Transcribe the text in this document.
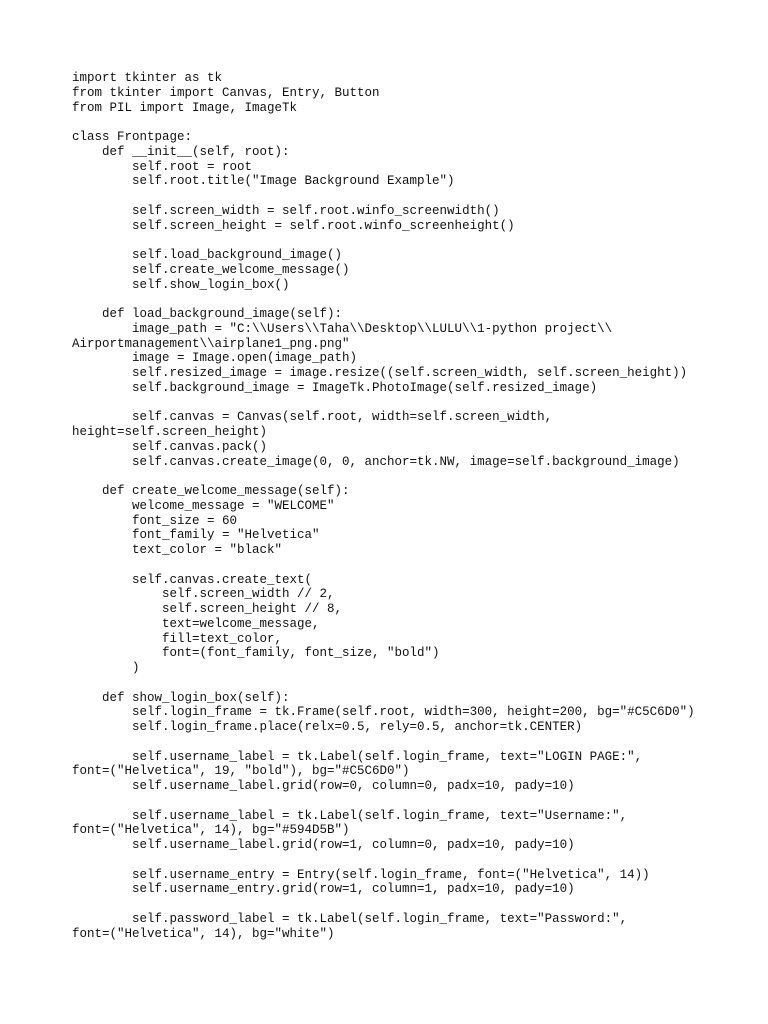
import tkinter as tk
from tkinter import Canvas, Entry, Button
from PIL import Image, ImageTk
class Frontpage:
def __init__(self, root):
self.root = root
self.root.title("Image Background Example")
self.screen_width = self.root.winfo_screenwidth()
self.screen_height = self.root.winfo_screenheight()
self.load_background_image()
self.create_welcome_message()
self.show_login_box()
def load_background_image(self):
image_path = "C:\\Users\\Taha\\Desktop\\LULU\\1-python project\\
Airportmanagement\\airplane1_png.png"
image = Image.open(image_path)
self.resized_image = image.resize((self.screen_width, self.screen_height))
self.background_image = ImageTk.PhotoImage(self.resized_image)
self.canvas = Canvas(self.root, width=self.screen_width,
height=self.screen_height)
self.canvas.pack()
self.canvas.create_image(0, 0, anchor=tk.NW, image=self.background_image)
def create_welcome_message(self):
welcome_message = "WELCOME"
font_size = 60
font_family = "Helvetica"
text_color = "black"
self.canvas.create_text(
self.screen_width // 2,
self.screen_height // 8,
text=welcome_message,
fill=text_color,
font=(font_family, font_size, "bold")
)
def show_login_box(self):
self.login_frame = tk.Frame(self.root, width=300, height=200, bg="#C5C6D0")
self.login_frame.place(relx=0.5, rely=0.5, anchor=tk.CENTER)
self.username_label = tk.Label(self.login_frame, text="LOGIN PAGE:",
font=("Helvetica", 19, "bold"), bg="#C5C6D0")
self.username_label.grid(row=0, column=0, padx=10, pady=10)
self.username_label = tk.Label(self.login_frame, text="Username:",
font=("Helvetica", 14), bg="#594D5B")
self.username_label.grid(row=1, column=0, padx=10, pady=10)
self.username_entry = Entry(self.login_frame, font=("Helvetica", 14))
self.username_entry.grid(row=1, column=1, padx=10, pady=10)
self.password_label = tk.Label(self.login_frame, text="Password:",
font=("Helvetica", 14), bg="white")
